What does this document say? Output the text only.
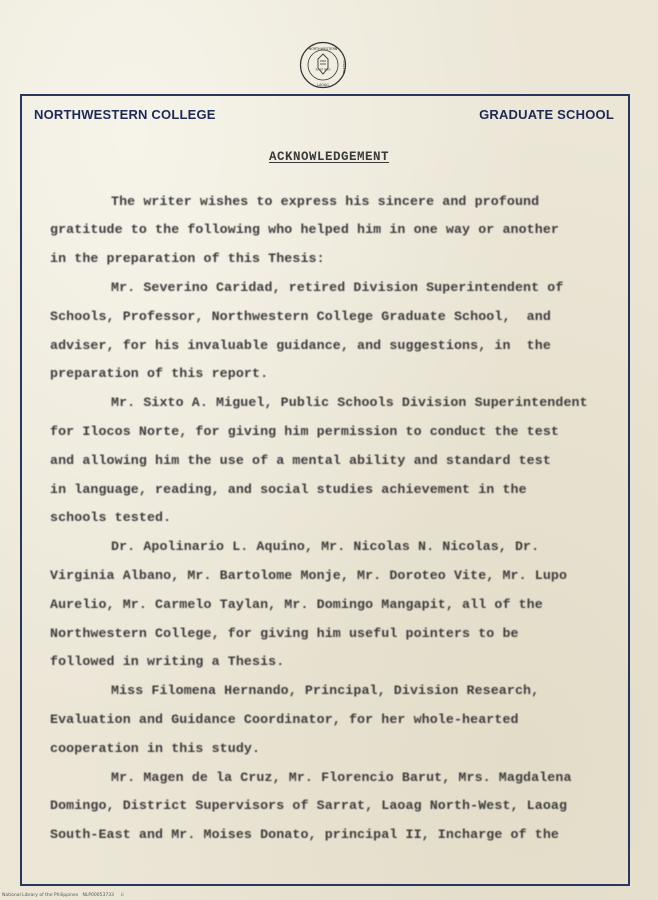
NORTHWESTERN
COLLEGE
LAOAG
PLANT SEED
NORTHWESTERN COLLEGE	GRADUATE SCHOOL
ACKNOWLEDGEMENT
The writer wishes to express his sincere and profound
gratitude to the following who helped him in one way or another
in the preparation of this Thesis:
Mr. Severino Caridad, retired Division Superintendent of
Schools, Professor, Northwestern College Graduate School,  and
adviser, for his invaluable guidance, and suggestions, in  the
preparation of this report.
Mr. Sixto A. Miguel, Public Schools Division Superintendent
for Ilocos Norte, for giving him permission to conduct the test
and allowing him the use of a mental ability and standard test
in language, reading, and social studies achievement in the
schools tested.
Dr. Apolinario L. Aquino, Mr. Nicolas N. Nicolas, Dr.
Virginia Albano, Mr. Bartolome Monje, Mr. Doroteo Vite, Mr. Lupo
Aurelio, Mr. Carmelo Taylan, Mr. Domingo Mangapit, all of the
Northwestern College, for giving him useful pointers to be
followed in writing a Thesis.
Miss Filomena Hernando, Principal, Division Research,
Evaluation and Guidance Coordinator, for her whole-hearted
cooperation in this study.
Mr. Magen de la Cruz, Mr. Florencio Barut, Mrs. Magdalena
Domingo, District Supervisors of Sarrat, Laoag North-West, Laoag
South-East and Mr. Moises Donato, principal II, Incharge of the
National Library of the Philippines   NLP00053733     ii
